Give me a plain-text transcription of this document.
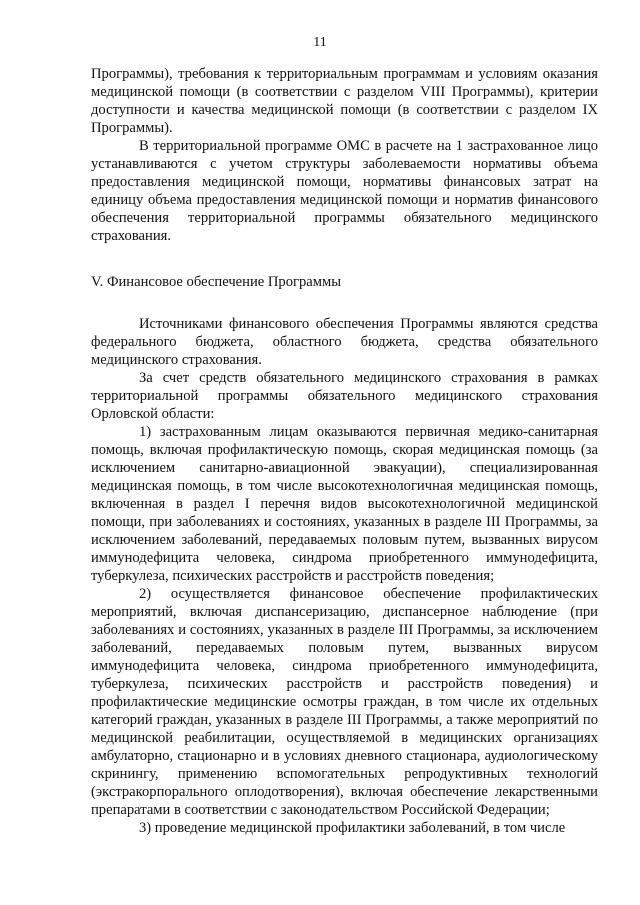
11

Программы), требования к территориальным программам и условиям оказания медицинской помощи (в соответствии с разделом VIII Программы), критерии доступности и качества медицинской помощи (в соответствии с разделом IX Программы).

В территориальной программе ОМС в расчете на 1 застрахованное лицо устанавливаются с учетом структуры заболеваемости нормативы объема предоставления медицинской помощи, нормативы финансовых затрат на единицу объема предоставления медицинской помощи и норматив финансового обеспечения территориальной программы обязательного медицинского страхования.

V. Финансовое обеспечение Программы

Источниками финансового обеспечения Программы являются средства федерального бюджета, областного бюджета, средства обязательного медицинского страхования.

За счет средств обязательного медицинского страхования в рамках территориальной программы обязательного медицинского страхования Орловской области:

1) застрахованным лицам оказываются первичная медико-санитарная помощь, включая профилактическую помощь, скорая медицинская помощь (за исключением санитарно-авиационной эвакуации), специализированная медицинская помощь, в том числе высокотехнологичная медицинская помощь, включенная в раздел I перечня видов высокотехнологичной медицинской помощи, при заболеваниях и состояниях, указанных в разделе III Программы, за исключением заболеваний, передаваемых половым путем, вызванных вирусом иммунодефицита человека, синдрома приобретенного иммунодефицита, туберкулеза, психических расстройств и расстройств поведения;

2) осуществляется финансовое обеспечение профилактических мероприятий, включая диспансеризацию, диспансерное наблюдение (при заболеваниях и состояниях, указанных в разделе III Программы, за исключением заболеваний, передаваемых половым путем, вызванных вирусом иммунодефицита человека, синдрома приобретенного иммунодефицита, туберкулеза, психических расстройств и расстройств поведения) и профилактические медицинские осмотры граждан, в том числе их отдельных категорий граждан, указанных в разделе III Программы, а также мероприятий по медицинской реабилитации, осуществляемой в медицинских организациях амбулаторно, стационарно и в условиях дневного стационара, аудиологическому скринингу, применению вспомогательных репродуктивных технологий (экстракорпорального оплодотворения), включая обеспечение лекарственными препаратами в соответствии с законодательством Российской Федерации;

3) проведение медицинской профилактики заболеваний, в том числе
